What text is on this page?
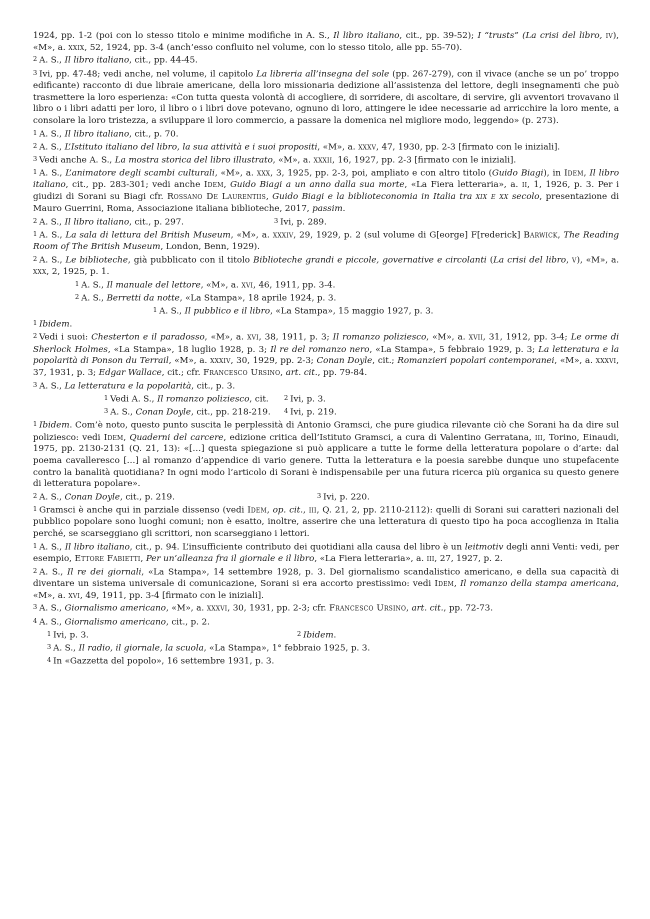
1924, pp. 1-2 (poi con lo stesso titolo e minime modifiche in A. S., Il libro italiano, cit., pp. 39-52); I “trusts” (La crisi del libro, iv), «M», a. xxix, 52, 1924, pp. 3-4 (anch’esso confluito nel volume, con lo stesso titolo, alle pp. 55-70).

$^2$ A. S., Il libro italiano, cit., pp. 44-45.

$^3$ Ivi, pp. 47-48; vedi anche, nel volume, il capitolo La libreria all’insegna del sole (pp. 267-279), con il vivace (anche se un po’ troppo edificante) racconto di due libraie americane, della loro missionaria dedizione all’assistenza del lettore, degli insegnamenti che può trasmettere la loro esperienza: «Con tutta questa volontà di accogliere, di sorridere, di ascoltare, di servire, gli avventori trovavano il libro o i libri adatti per loro, il libro o i libri dove potevano, ognuno di loro, attingere le idee necessarie ad arricchire la loro mente, a consolare la loro tristezza, a sviluppare il loro commercio, a passare la domenica nel migliore modo, leggendo» (p. 273).

$^1$ A. S., Il libro italiano, cit., p. 70.

$^2$ A. S., L’Istituto italiano del libro, la sua attività e i suoi propositi, «M», a. xxxv, 47, 1930, pp. 2-3 [firmato con le iniziali].

$^3$ Vedi anche A. S., La mostra storica del libro illustrato, «M», a. xxxii, 16, 1927, pp. 2-3 [firmato con le iniziali].

$^1$ A. S., L’animatore degli scambi culturali, «M», a. xxx, 3, 1925, pp. 2-3, poi, ampliato e con altro titolo (Guido Biagi), in Idem, Il libro italiano, cit., pp. 283-301; vedi anche Idem, Guido Biagi a un anno dalla sua morte, «La Fiera letteraria», a. ii, 1, 1926, p. 3. Per i giudizi di Sorani su Biagi cfr. Rossano De Laurentiis, Guido Biagi e la biblioteconomia in Italia tra xix e xx secolo, presentazione di Mauro Guerrini, Roma, Associazione italiana biblioteche, 2017, passim.

$^2$ A. S., Il libro italiano, cit., p. 297.	$^3$ Ivi, p. 289.

$^1$ A. S., La sala di lettura del British Museum, «M», a. xxxiv, 29, 1929, p. 2 (sul volume di G[eorge] F[rederick] Barwick, The Reading Room of The British Museum, London, Benn, 1929).

$^2$ A. S., Le biblioteche, già pubblicato con il titolo Biblioteche grandi e piccole, governative e circolanti (La crisi del libro, v), «M», a. xxx, 2, 1925, p. 1.

$^1$ A. S., Il manuale del lettore, «M», a. xvi, 46, 1911, pp. 3-4.
$^2$ A. S., Berretti da notte, «La Stampa», 18 aprile 1924, p. 3.
$^1$ A. S., Il pubblico e il libro, «La Stampa», 15 maggio 1927, p. 3.

$^1$ Ibidem.

$^2$ Vedi i suoi: Chesterton e il paradosso, «M», a. xvi, 38, 1911, p. 3; Il romanzo poliziesco, «M», a. xvii, 31, 1912, pp. 3-4; Le orme di Sherlock Holmes, «La Stampa», 18 luglio 1928, p. 3; Il re del romanzo nero, «La Stampa», 5 febbraio 1929, p. 3; La letteratura e la popolarità di Ponson du Terrail, «M», a. xxxiv, 30, 1929, pp. 2-3; Conan Doyle, cit.; Romanzieri popolari contemporanei, «M», a. xxxvi, 37, 1931, p. 3; Edgar Wallace, cit.; cfr. Francesco Ursino, art. cit., pp. 79-84.

$^3$ A. S., La letteratura e la popolarità, cit., p. 3.

$^1$ Vedi A. S., Il romanzo poliziesco, cit.	$^2$ Ivi, p. 3.
$^3$ A. S., Conan Doyle, cit., pp. 218-219.	$^4$ Ivi, p. 219.

$^1$ Ibidem. Com’è noto, questo punto suscita le perplessità di Antonio Gramsci, che pure giudica rilevante ciò che Sorani ha da dire sul poliziesco: vedi Idem, Quaderni del carcere, edizione critica dell’Istituto Gramsci, a cura di Valentino Gerratana, iii, Torino, Einaudi, 1975, pp. 2130-2131 (Q. 21, 13): «[…] questa spiegazione si può applicare a tutte le forme della letteratura popolare o d’arte: dal poema cavalleresco […] al romanzo d’appendice di vario genere. Tutta la letteratura e la poesia sarebbe dunque uno stupefacente contro la banalità quotidiana? In ogni modo l’articolo di Sorani è indispensabile per una futura ricerca più organica su questo genere di letteratura popolare».

$^2$ A. S., Conan Doyle, cit., p. 219.	$^3$ Ivi, p. 220.

$^1$ Gramsci è anche qui in parziale dissenso (vedi Idem, op. cit., iii, Q. 21, 2, pp. 2110-2112): quelli di Sorani sui caratteri nazionali del pubblico popolare sono luoghi comuni; non è esatto, inoltre, asserire che una letteratura di questo tipo ha poca accoglienza in Italia perché, se scarseggiano gli scrittori, non scarseggiano i lettori.

$^1$ A. S., Il libro italiano, cit., p. 94. L’insufficiente contributo dei quotidiani alla causa del libro è un leitmotiv degli anni Venti: vedi, per esempio, Ettore Fabietti, Per un’alleanza fra il giornale e il libro, «La Fiera letteraria», a. iii, 27, 1927, p. 2.

$^2$ A. S., Il re dei giornali, «La Stampa», 14 settembre 1928, p. 3. Del giornalismo scandalistico americano, e della sua capacità di diventare un sistema universale di comunicazione, Sorani si era accorto prestissimo: vedi Idem, Il romanzo della stampa americana, «M», a. xvi, 49, 1911, pp. 3-4 [firmato con le iniziali].

$^3$ A. S., Giornalismo americano, «M», a. xxxvi, 30, 1931, pp. 2-3; cfr. Francesco Ursino, art. cit., pp. 72-73.

$^4$ A. S., Giornalismo americano, cit., p. 2.

$^1$ Ivi, p. 3.	$^2$ Ibidem.
$^3$ A. S., Il radio, il giornale, la scuola, «La Stampa», 1° febbraio 1925, p. 3.
$^4$ In «Gazzetta del popolo», 16 settembre 1931, p. 3.
